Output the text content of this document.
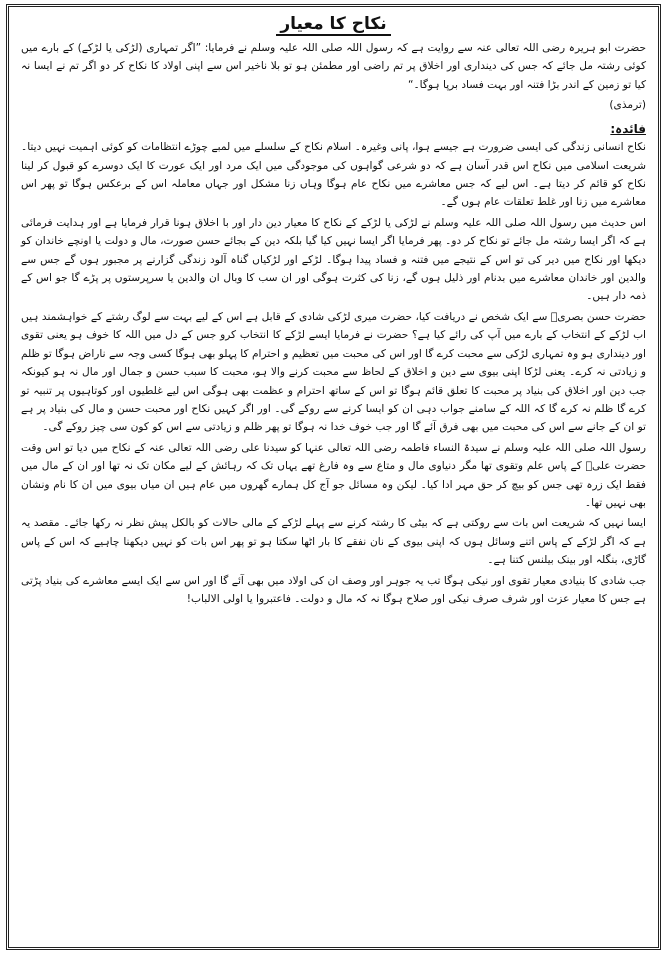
نکاح کا معیار

حضرت ابو ہریرہ رضی اللہ تعالی عنہ سے روایت ہے کہ رسول اللہ صلی اللہ علیہ وسلم نے فرمایا: ”اگر تمہاری (لڑکی یا لڑکے) کے بارے میں کوئی رشتہ مل جائے کہ جس کی دینداری اور اخلاق پر تم راضی اور مطمئن ہو تو بلا ناخیر اس سے اپنی اولاد کا نکاح کر دو اگر تم نے ایسا نہ کیا تو زمین کے اندر بڑا فتنہ اور بہت فساد برپا ہوگا۔“

(ترمذی)
فائدہ:

نکاح انسانی زندگی کی ایسی ضرورت ہے جیسے ہوا، پانی وغیرہ۔ اسلام نکاح کے سلسلے میں لمبے چوڑے انتظامات کو کوئی اہمیت نہیں دیتا۔ شریعت اسلامی میں نکاح اس قدر آسان ہے کہ دو شرعی گواہوں کی موجودگی میں ایک مرد اور ایک عورت کا ایک دوسرے کو قبول کر لینا نکاح کو قائم کر دیتا ہے۔ اس لیے کہ جس معاشرے میں نکاح عام ہوگا وہاں زنا مشکل اور جہاں معاملہ اس کے برعکس ہوگا تو پھر اس معاشرے میں زنا اور غلط تعلقات عام ہوں گے۔

اس حدیث میں رسول اللہ صلی اللہ علیہ وسلم نے لڑکی یا لڑکے کے نکاح کا معیار دین دار اور با اخلاق ہونا قرار فرمایا ہے اور ہدایت فرمائی ہے کہ اگر ایسا رشتہ مل جائے تو نکاح کر دو۔ پھر فرمایا اگر ایسا نہیں کیا گیا بلکہ دین کے بجائے حسن صورت، مال و دولت یا اونچے خاندان کو دیکھا اور نکاح میں دیر کی تو اس کے نتیجے میں فتنہ و فساد پیدا ہوگا۔ لڑکے اور لڑکیاں گناہ آلود زندگی گزارنے پر مجبور ہوں گے جس سے والدین اور خاندان معاشرے میں بدنام اور ذلیل ہوں گے، زنا کی کثرت ہوگی اور ان سب کا وبال ان والدین یا سرپرستوں پر پڑے گا جو اس کے ذمہ دار ہیں۔

حضرت حسن بصریؒ سے ایک شخص نے دریافت کیا، حضرت میری لڑکی شادی کے قابل ہے اس کے لیے بہت سے لوگ رشتے کے خواہشمند ہیں اب لڑکے کے انتخاب کے بارے میں آپ کی رائے کیا ہے؟ حضرت نے فرمایا ایسے لڑکے کا انتخاب کرو جس کے دل میں اللہ کا خوف ہو یعنی تقوی اور دینداری ہو وہ تمہاری لڑکی سے محبت کرے گا اور اس کی محبت میں تعظیم و احترام کا پہلو بھی ہوگا کسی وجہ سے ناراض ہوگا تو ظلم و زیادتی نہ کرے۔ یعنی لڑکا اپنی بیوی سے دین و اخلاق کے لحاظ سے محبت کرنے والا ہو، محبت کا سبب حسن و جمال اور مال نہ ہو کیونکہ جب دین اور اخلاق کی بنیاد پر محبت کا تعلق قائم ہوگا تو اس کے ساتھ احترام و عظمت بھی ہوگی اس لیے غلطیوں اور کوتاہیوں پر تنبیہ تو کرے گا ظلم نہ کرے گا کہ اللہ کے سامنے جواب دہی ان کو ایسا کرنے سے روکے گی۔ اور اگر کہیں نکاح اور محبت حسن و مال کی بنیاد پر ہے تو ان کے جانے سے اس کی محبت میں بھی فرق آئے گا اور جب خوف خدا نہ ہوگا تو پھر ظلم و زیادتی سے اس کو کون سی چیز روکے گی۔

رسول اللہ صلی اللہ علیہ وسلم نے سیدۃ النساء فاطمہ رضی اللہ تعالی عنہا کو سیدنا علی رضی اللہ تعالی عنہ کے نکاح میں دیا تو اس وقت حضرت علیؓ کے پاس علم وتقوی تھا مگر دنیاوی مال و متاع سے وہ فارغ تھے یہاں تک کہ رہائش کے لیے مکان تک نہ تھا اور ان کے مال میں فقط ایک زرہ تھی جس کو بیچ کر حق مہر ادا کیا۔ لیکن وہ مسائل جو آج کل ہمارے گھروں میں عام ہیں ان میاں بیوی میں ان کا نام ونشان بھی نہیں تھا۔

ایسا نہیں کہ شریعت اس بات سے روکتی ہے کہ بیٹی کا رشتہ کرنے سے پہلے لڑکے کے مالی حالات کو بالکل پیش نظر نہ رکھا جائے۔ مقصد یہ ہے کہ اگر لڑکے کے پاس اتنے وسائل ہوں کہ اپنی بیوی کے نان نفقے کا بار اٹھا سکتا ہو تو پھر اس بات کو نہیں دیکھنا چاہیے کہ اس کے پاس گاڑی، بنگلہ اور بینک بیلنس کتنا ہے۔

جب شادی کا بنیادی معیار تقوی اور نیکی ہوگا تب یہ جوہر اور وصف ان کی اولاد میں بھی آئے گا اور اس سے ایک ایسے معاشرے کی بنیاد پڑتی ہے جس کا معیار عزت اور شرف صرف نیکی اور صلاح ہوگا نہ کہ مال و دولت۔ فاعتبروا یا اولی الالباب!
